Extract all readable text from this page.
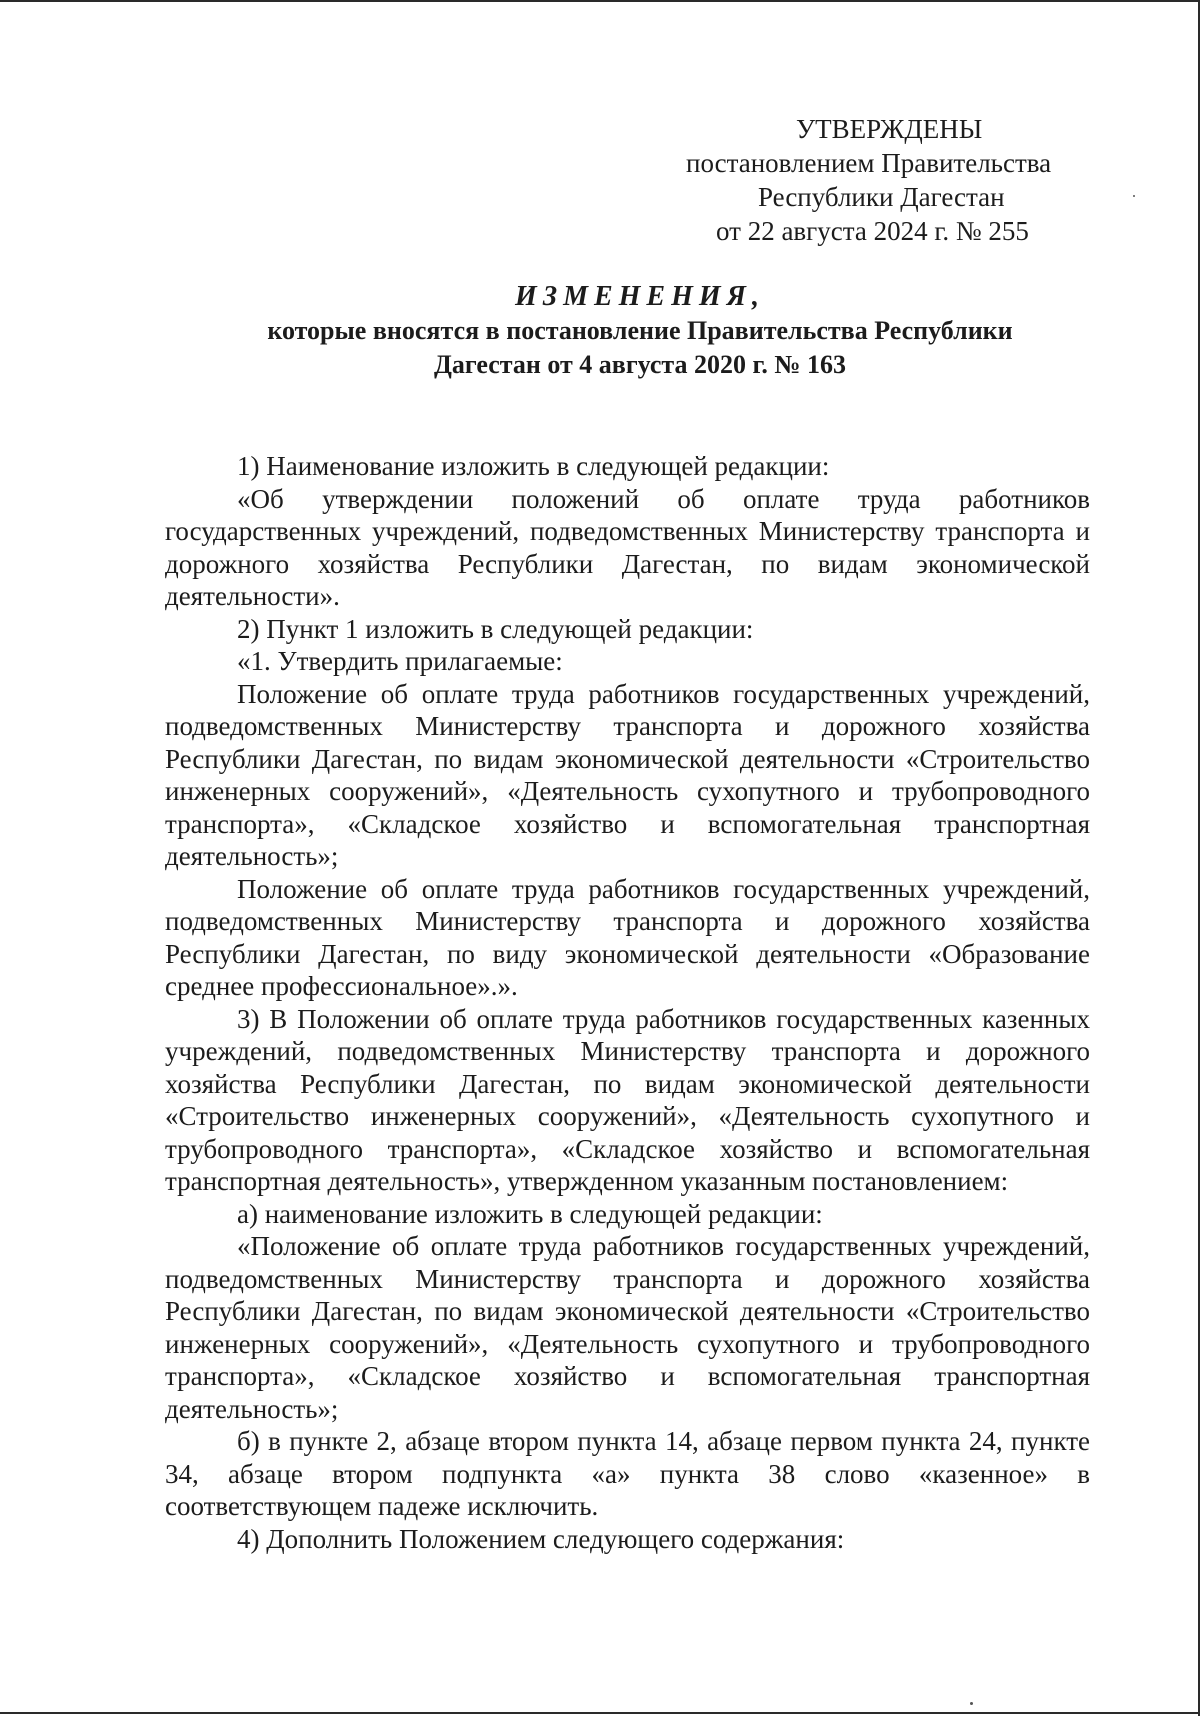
УТВЕРЖДЕНЫ
постановлением Правительства
Республики Дагестан
от 22 августа 2024 г. № 255
ИЗМЕНЕНИЯ,
которые вносятся в постановление Правительства Республики
Дагестан от 4 августа 2020 г. № 163

1) Наименование изложить в следующей редакции:

«Об утверждении положений об оплате труда работников государственных учреждений, подведомственных Министерству транспорта и дорожного хозяйства Республики Дагестан, по видам экономической деятельности».

2) Пункт 1 изложить в следующей редакции:

«1. Утвердить прилагаемые:

Положение об оплате труда работников государственных учреждений, подведомственных Министерству транспорта и дорожного хозяйства Республики Дагестан, по видам экономической деятельности «Строительство инженерных сооружений», «Деятельность сухопутного и трубопроводного транспорта», «Складское хозяйство и вспомогательная транспортная деятельность»;

Положение об оплате труда работников государственных учреждений, подведомственных Министерству транспорта и дорожного хозяйства Республики Дагестан, по виду экономической деятельности «Образование среднее профессиональное».».

3) В Положении об оплате труда работников государственных казенных учреждений, подведомственных Министерству транспорта и дорожного хозяйства Республики Дагестан, по видам экономической деятельности «Строительство инженерных сооружений», «Деятельность сухопутного и трубопроводного транспорта», «Складское хозяйство и вспомогательная транспортная деятельность», утвержденном указанным постановлением:

а) наименование изложить в следующей редакции:

«Положение об оплате труда работников государственных учреждений, подведомственных Министерству транспорта и дорожного хозяйства Республики Дагестан, по видам экономической деятельности «Строительство инженерных сооружений», «Деятельность сухопутного и трубопроводного транспорта», «Складское хозяйство и вспомогательная транспортная деятельность»;

б) в пункте 2, абзаце втором пункта 14, абзаце первом пункта 24, пункте 34, абзаце втором подпункта «а» пункта 38 слово «казенное» в соответствующем падеже исключить.

4) Дополнить Положением следующего содержания:
